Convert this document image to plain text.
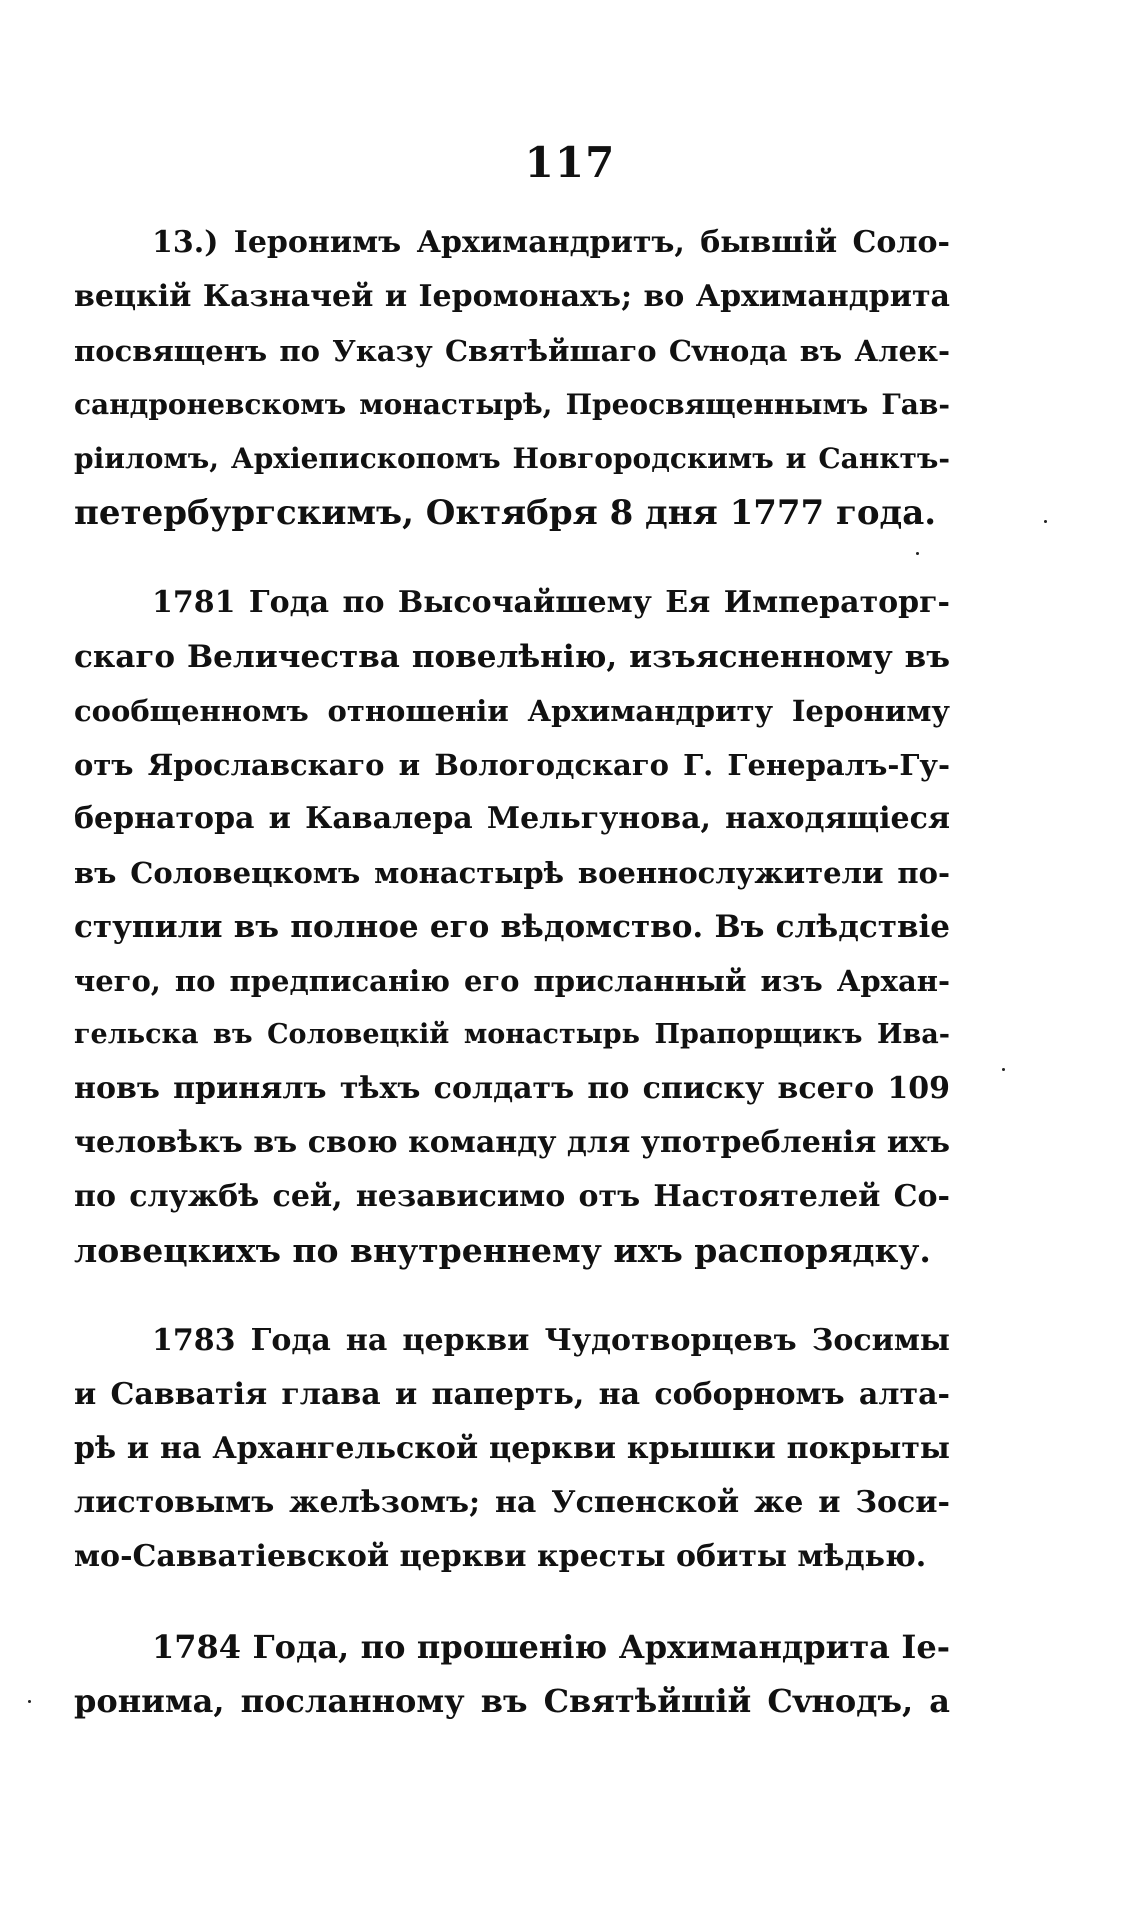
117
13.) Іеронимъ Архимандритъ, бывшій Соло-
вецкій Казначей и Іеромонахъ; во Архимандрита
посвященъ по Указу Святѣйшаго Сvнода въ Алек-
сандроневскомъ монастырѣ, Преосвященнымъ Гав-
ріиломъ, Архіепископомъ Новгородскимъ и Санктъ-
петербургскимъ, Октября 8 дня 1777 года.
1781 Года по Высочайшему Ея Императорг-
скаго Величества повелѣнію, изъясненному въ
сообщенномъ отношеніи Архимандриту Іерониму
отъ Ярославскаго и Вологодскаго Г. Генералъ-Гу-
бернатора и Кавалера Мельгунова, находящіеся
въ Соловецкомъ монастырѣ военнослужители по-
ступили въ полное его вѣдомство. Въ слѣдствіе
чего, по предписанію его присланный изъ Архан-
гельска въ Соловецкій монастырь Прапорщикъ Ива-
новъ принялъ тѣхъ солдатъ по списку всего 109
человѣкъ въ свою команду для употребленія ихъ
по службѣ сей, независимо отъ Настоятелей Со-
ловецкихъ по внутреннему ихъ распорядку.
1783 Года на церкви Чудотворцевъ Зосимы
и Савватія глава и паперть, на соборномъ алта-
рѣ и на Архангельской церкви крышки покрыты
листовымъ желѣзомъ; на Успенской же и Зоси-
мо-Савватіевской церкви кресты обиты мѣдью.
1784 Года, по прошенію Архимандрита Іе-
ронима, посланному въ Святѣйшій Сvнодъ, а
